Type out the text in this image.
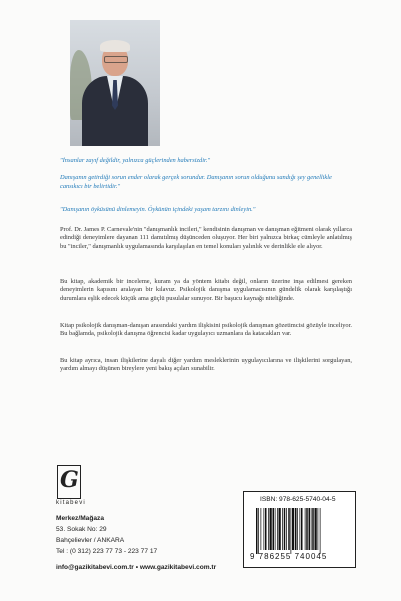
"İnsanlar zayıf değildir, yalnızca güçlerinden habersizdir."
Danışanın getirdiği sorun ender olarak gerçek sorundur. Danışanın sorun olduğunu sandığı şey genellikle cansıkıcı bir belirtidir."
"Danışanın öyküsünü dinlemeyin. Öykünün içindeki yaşam tarzını dinleyin."
Prof. Dr. James P. Carnevale'nin "danışmanlık incileri," kendisinin danışman ve danışman eğitmeni olarak yıllarca edindiği deneyimlere dayanan 111 damıtılmış düşünceden oluşuyor. Her biri yalnızca birkaç cümleyle anlatılmış bu "inciler," danışmanlık uygulamasında karşılaşılan en temel konuları yalınlık ve derinlikle ele alıyor.
Bu kitap, akademik bir inceleme, kuram ya da yöntem kitabı değil, onların üzerine inşa edilmesi gereken deneyimlerin kapısını aralayan bir kılavuz. Psikolojik danışma uygulamacısının gündelik olarak karşılaştığı durumlara eşlik edecek küçük ama güçlü pusulalar sunuyor. Bir başucu kaynağı niteliğinde.
Kitap psikolojik danışman-danışan arasındaki yardım ilişkisini psikolojik danışman gözetimcisi gözüyle inceliyor. Bu bağlamda, psikolojik danışma öğrencisi kadar uygulayıcı uzmanlara da katacakları var.
Bu kitap ayrıca, insan ilişkilerine dayalı diğer yardım mesleklerinin uygulayıcılarına ve ilişkilerini sorgulayan, yardım almayı düşünen bireylere yeni bakış açıları sunabilir.
G
kitabevi
Merkez/Mağaza
53. Sokak No: 29
Bahçelievler / ANKARA
Tel : (0 312) 223 77 73 - 223 77 17
info@gazikitabevi.com.tr • www.gazikitabevi.com.tr
ISBN: 978-625-5740-04-5
9 786255 740045
